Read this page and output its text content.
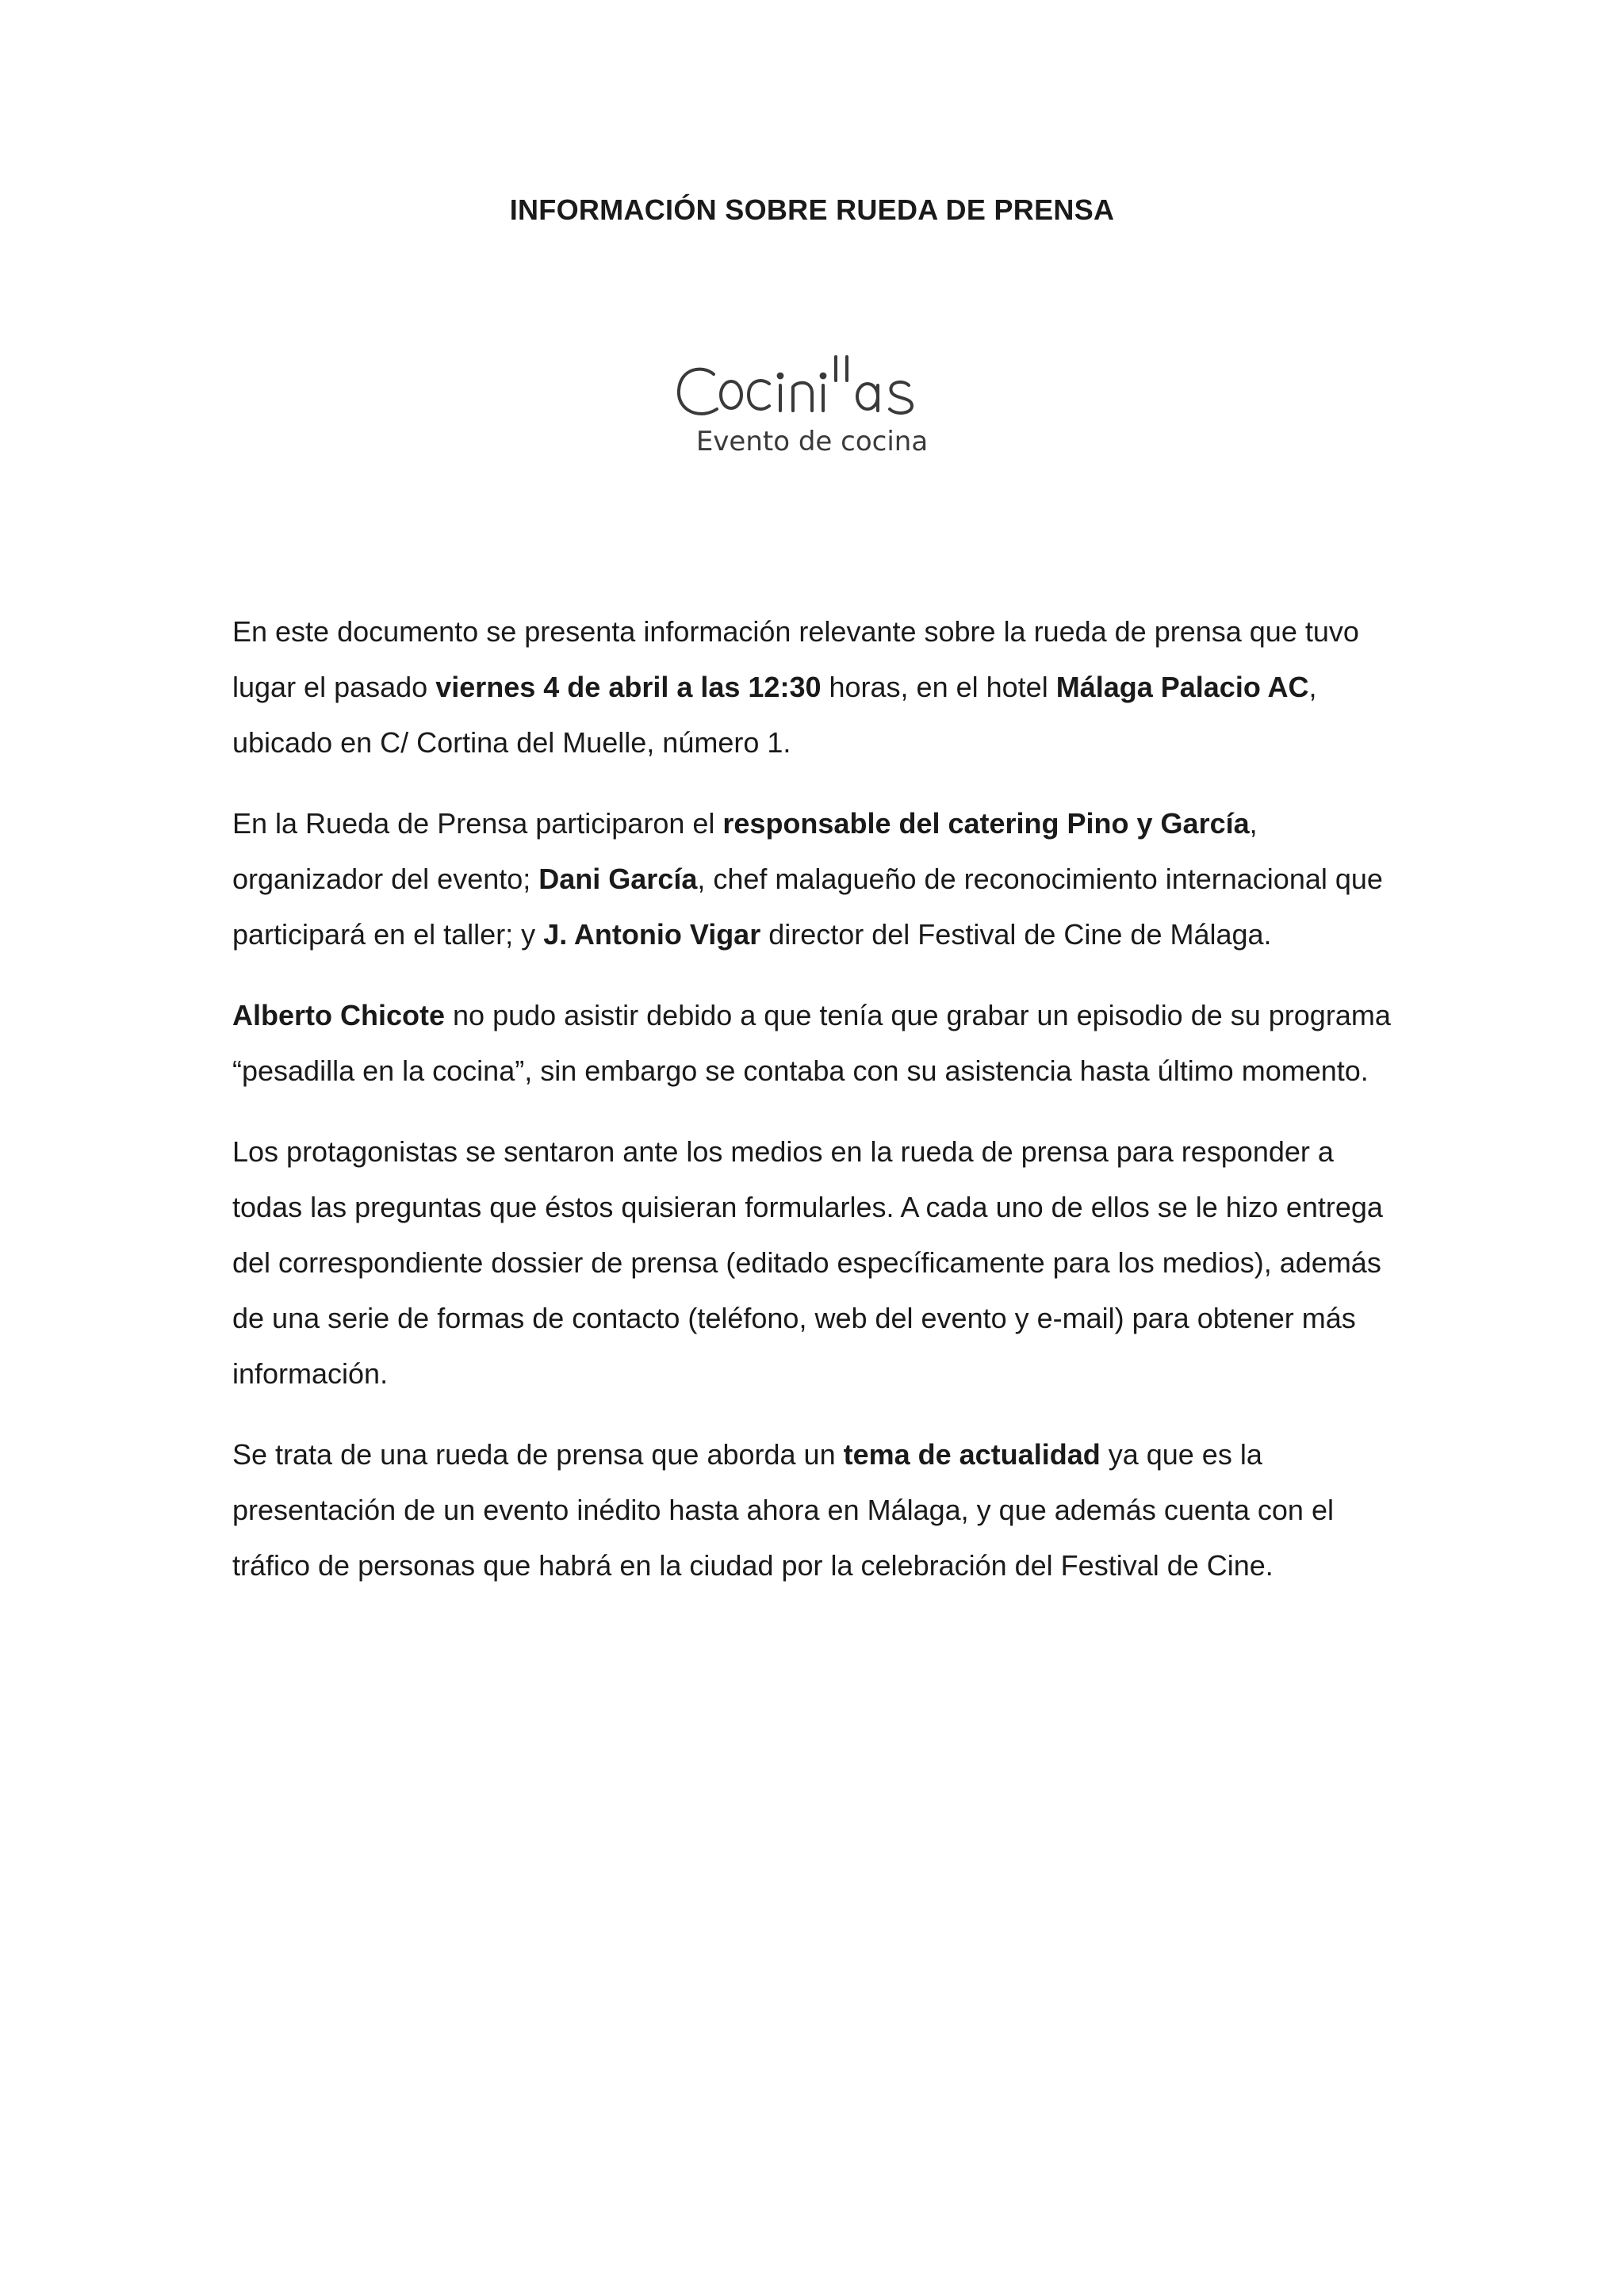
INFORMACIÓN SOBRE RUEDA DE PRENSA
Evento de cocina

En este documento se presenta información relevante sobre la rueda de prensa que tuvo lugar el pasado viernes 4 de abril a las 12:30 horas, en el hotel Málaga Palacio AC, ubicado en C/ Cortina del Muelle, número 1.

En la Rueda de Prensa participaron el responsable del catering Pino y García, organizador del evento; Dani García, chef malagueño de reconocimiento internacional que participará en el taller; y J. Antonio Vigar director del Festival de Cine de Málaga.

Alberto Chicote no pudo asistir debido a que tenía que grabar un episodio de su programa “pesadilla en la cocina”, sin embargo se contaba con su asistencia hasta último momento.

Los protagonistas se sentaron ante los medios en la rueda de prensa para responder a todas las preguntas que éstos quisieran formularles. A cada uno de ellos se le hizo entrega del correspondiente dossier de prensa (editado específicamente para los medios), además de una serie de formas de contacto (teléfono, web del evento y e-mail) para obtener más información.

Se trata de una rueda de prensa que aborda un tema de actualidad ya que es la presentación de un evento inédito hasta ahora en Málaga, y que además cuenta con el tráfico de personas que habrá en la ciudad por la celebración del Festival de Cine.
